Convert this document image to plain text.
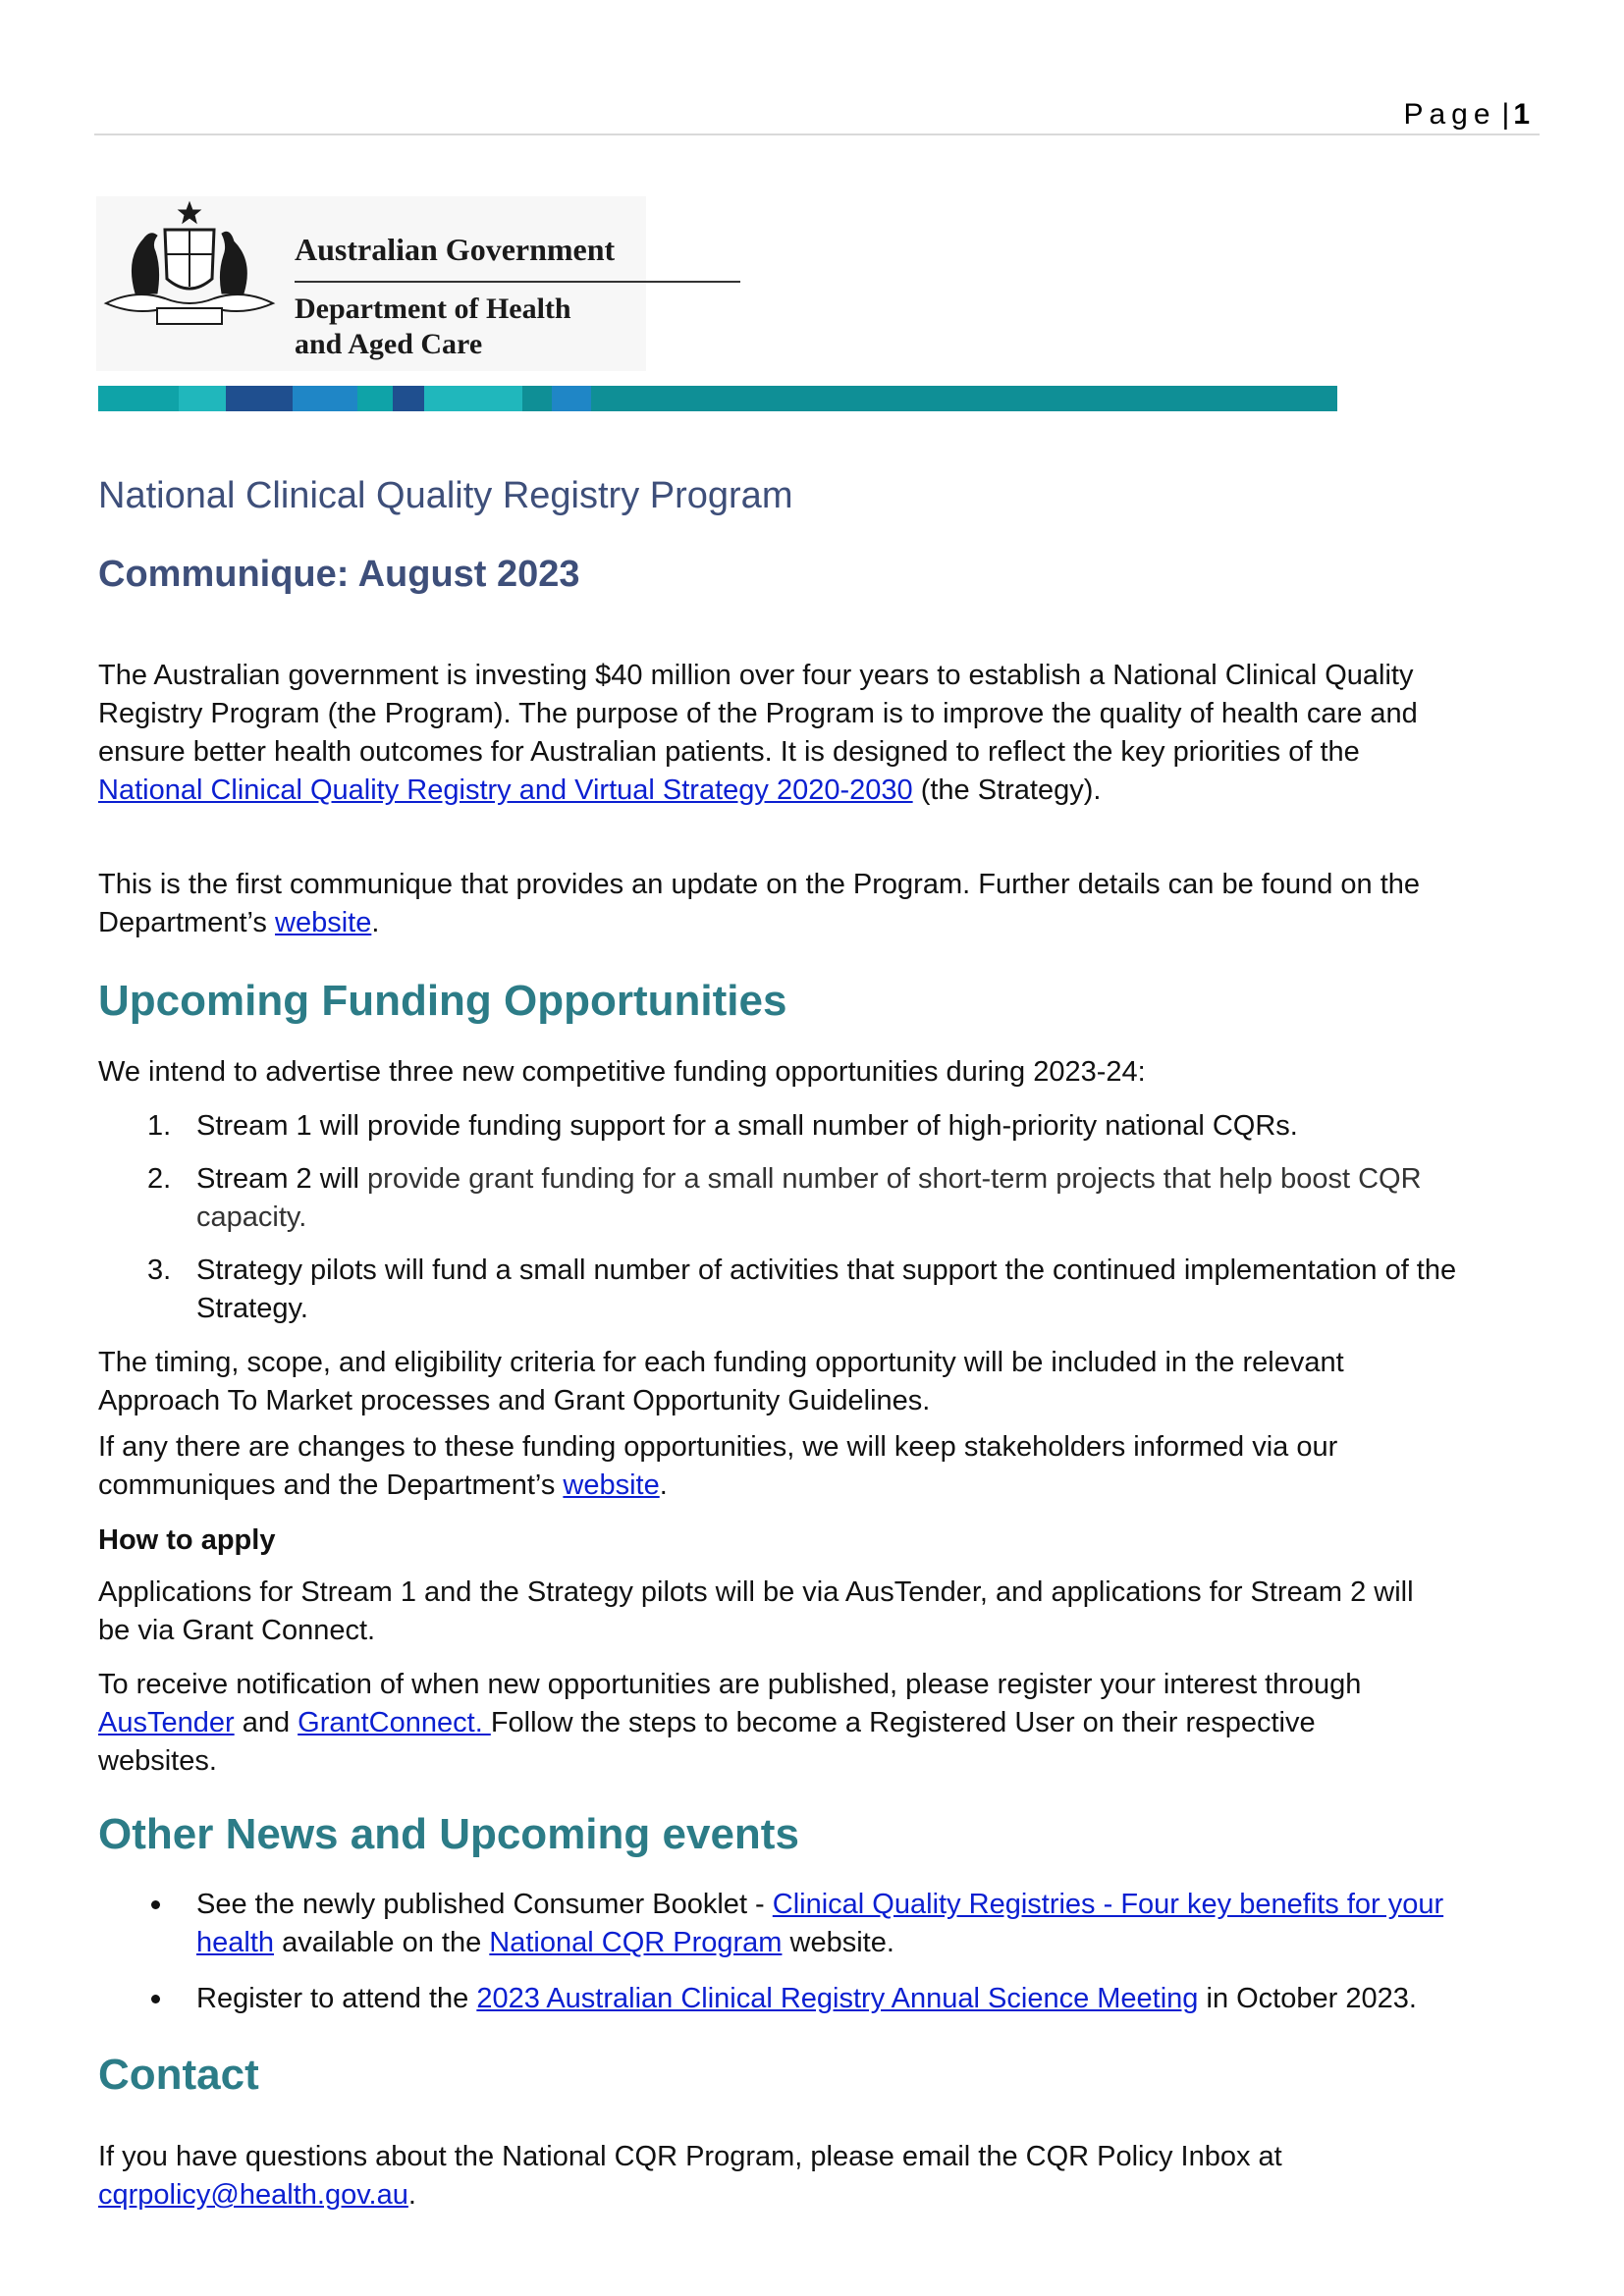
Page | 1
Australian Government
Department of Health
and Aged Care
National Clinical Quality Registry Program
Communique: August 2023

The Australian government is investing $40 million over four years to establish a National Clinical Quality
Registry Program (the Program). The purpose of the Program is to improve the quality of health care and
ensure better health outcomes for Australian patients. It is designed to reflect the key priorities of the
National Clinical Quality Registry and Virtual Strategy 2020-2030 (the Strategy).

This is the first communique that provides an update on the Program. Further details can be found on the
Department’s website.

Upcoming Funding Opportunities

We intend to advertise three new competitive funding opportunities during 2023-24:

1. Stream 1 will provide funding support for a small number of high-priority national CQRs.
2. Stream 2 will provide grant funding for a small number of short-term projects that help boost CQR
capacity.
3. Strategy pilots will fund a small number of activities that support the continued implementation of the
Strategy.

The timing, scope, and eligibility criteria for each funding opportunity will be included in the relevant
Approach To Market processes and Grant Opportunity Guidelines.

If any there are changes to these funding opportunities, we will keep stakeholders informed via our
communiques and the Department’s website.

How to apply

Applications for Stream 1 and the Strategy pilots will be via AusTender, and applications for Stream 2 will
be via Grant Connect.

To receive notification of when new opportunities are published, please register your interest through
AusTender and GrantConnect. Follow the steps to become a Registered User on their respective
websites.

Other News and Upcoming events
See the newly published Consumer Booklet - Clinical Quality Registries - Four key benefits for your
health available on the National CQR Program website.
Register to attend the 2023 Australian Clinical Registry Annual Science Meeting in October 2023.
Contact

If you have questions about the National CQR Program, please email the CQR Policy Inbox at
cqrpolicy@health.gov.au.
